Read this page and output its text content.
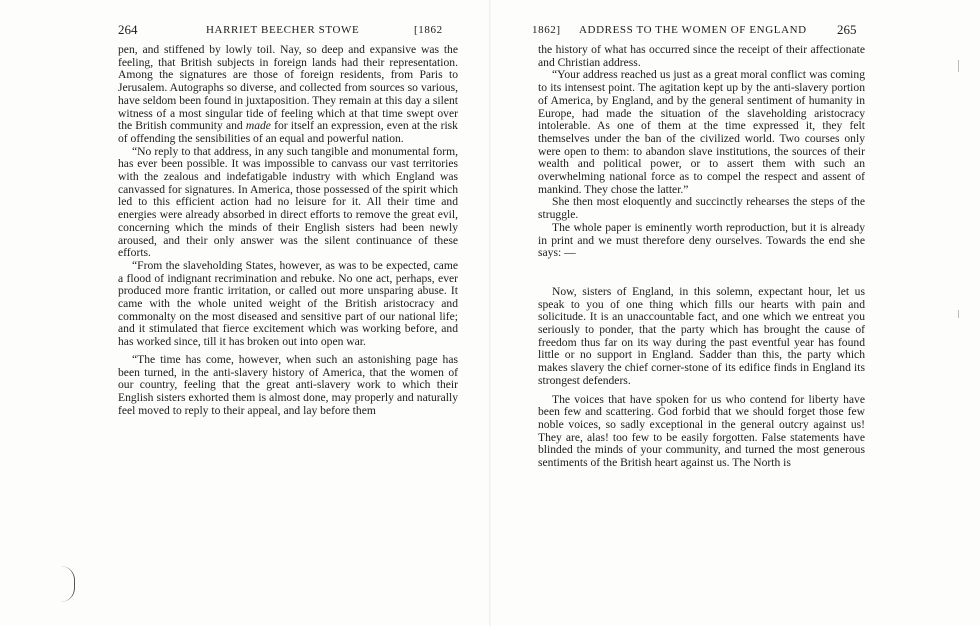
264	HARRIET BEECHER STOWE	[1862	1862] ADDRESS TO THE WOMEN OF ENGLAND 265

pen, and stiffened by lowly toil. Nay, so deep and expansive was the feeling, that British subjects in foreign lands had their representation. Among the signatures are those of foreign residents, from Paris to Jerusalem. Autographs so diverse, and collected from sources so various, have seldom been found in juxtaposition. They remain at this day a silent witness of a most singular tide of feeling which at that time swept over the British community and made for itself an expression, even at the risk of offending the sensibilities of an equal and powerful nation.

“No reply to that address, in any such tangible and monumental form, has ever been possible. It was impossible to canvass our vast territories with the zealous and indefatigable industry with which England was canvassed for signatures. In America, those possessed of the spirit which led to this efficient action had no leisure for it. All their time and energies were already absorbed in direct efforts to remove the great evil, concerning which the minds of their English sisters had been newly aroused, and their only answer was the silent continuance of these efforts.

“From the slaveholding States, however, as was to be expected, came a flood of indignant recrimination and rebuke. No one act, perhaps, ever produced more frantic irritation, or called out more unsparing abuse. It came with the whole united weight of the British aristocracy and commonalty on the most diseased and sensitive part of our national life; and it stimulated that fierce excitement which was working before, and has worked since, till it has broken out into open war.

“The time has come, however, when such an astonishing page has been turned, in the anti-slavery history of America, that the women of our country, feeling that the great anti-slavery work to which their English sisters exhorted them is almost done, may properly and naturally feel moved to reply to their appeal, and lay before them

the history of what has occurred since the receipt of their affectionate and Christian address.

“Your address reached us just as a great moral conflict was coming to its intensest point. The agitation kept up by the anti-slavery portion of America, by England, and by the general sentiment of humanity in Europe, had made the situation of the slaveholding aristocracy intolerable. As one of them at the time expressed it, they felt themselves under the ban of the civilized world. Two courses only were open to them: to abandon slave institutions, the sources of their wealth and political power, or to assert them with such an overwhelming national force as to compel the respect and assent of mankind. They chose the latter.”

She then most eloquently and succinctly rehearses the steps of the struggle.

The whole paper is eminently worth reproduction, but it is already in print and we must therefore deny ourselves. Towards the end she says: —

Now, sisters of England, in this solemn, expectant hour, let us speak to you of one thing which fills our hearts with pain and solicitude. It is an unaccountable fact, and one which we entreat you seriously to ponder, that the party which has brought the cause of freedom thus far on its way during the past eventful year has found little or no support in England. Sadder than this, the party which makes slavery the chief corner-stone of its edifice finds in England its strongest defenders.

The voices that have spoken for us who contend for liberty have been few and scattering. God forbid that we should forget those few noble voices, so sadly exceptional in the general outcry against us! They are, alas! too few to be easily forgotten. False statements have blinded the minds of your community, and turned the most generous sentiments of the British heart against us. The North is
